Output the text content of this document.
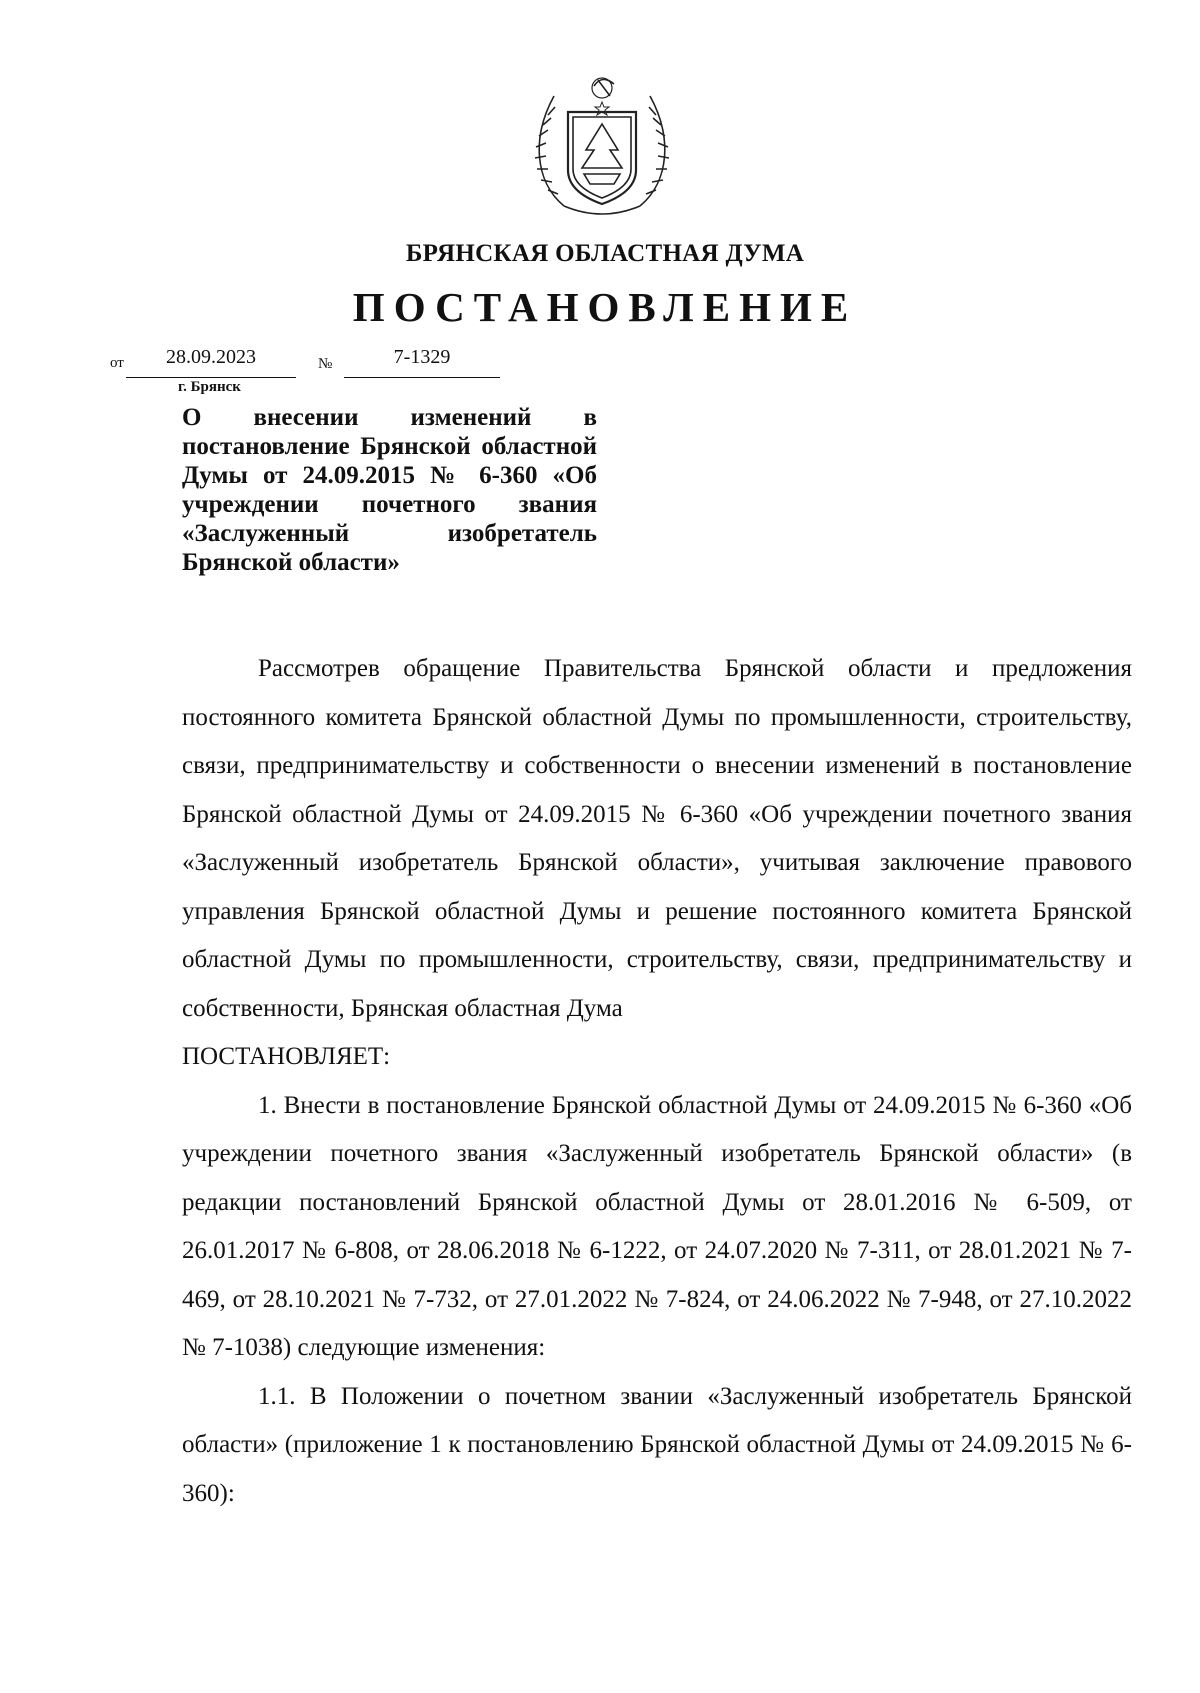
БРЯНСКАЯ ОБЛАСТНАЯ ДУМА
ПОСТАНОВЛЕНИЕ
от	28.09.2023	№	7-1329
г. Брянск
О внесении изменений в постановление Брянской областной Думы от 24.09.2015 № 6-360 «Об учреждении почетного звания «Заслуженный изобретатель Брянской области»

Рассмотрев обращение Правительства Брянской области и предложения постоянного комитета Брянской областной Думы по промышленности, строительству, связи, предпринимательству и собственности о внесении изменений в постановление Брянской областной Думы от 24.09.2015 № 6-360 «Об учреждении почетного звания «Заслуженный изобретатель Брянской области», учитывая заключение правового управления Брянской областной Думы и решение постоянного комитета Брянской областной Думы по промышленности, строительству, связи, предпринимательству и собственности, Брянская областная Дума

ПОСТАНОВЛЯЕТ:

1. Внести в постановление Брянской областной Думы от 24.09.2015 № 6-360 «Об учреждении почетного звания «Заслуженный изобретатель Брянской области» (в редакции постановлений Брянской областной Думы от 28.01.2016 № 6-509, от 26.01.2017 № 6-808, от 28.06.2018 № 6-1222, от 24.07.2020 № 7-311, от 28.01.2021 № 7-469, от 28.10.2021 № 7-732, от 27.01.2022 № 7-824, от 24.06.2022 № 7-948, от 27.10.2022 № 7-1038) следующие изменения:

1.1. В Положении о почетном звании «Заслуженный изобретатель Брянской области» (приложение 1 к постановлению Брянской областной Думы от 24.09.2015 № 6-360):
